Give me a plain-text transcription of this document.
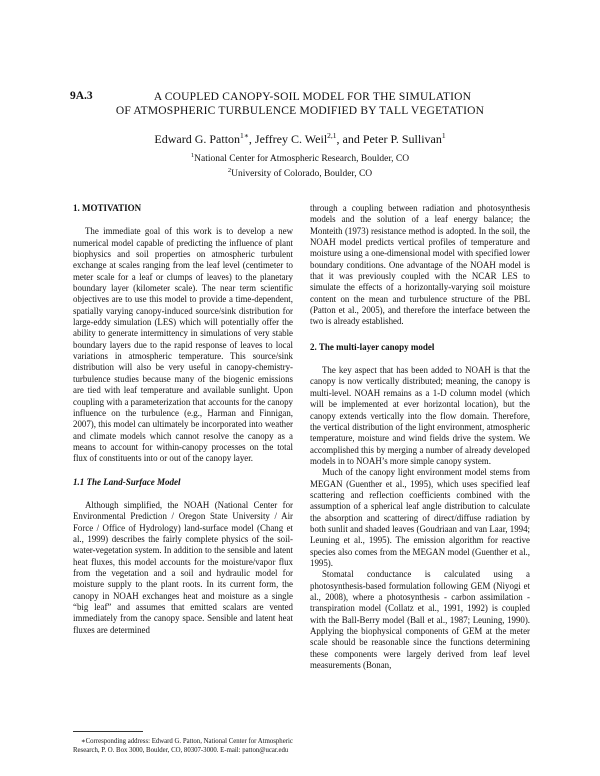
9A.3	A COUPLED CANOPY-SOIL MODEL FOR THE SIMULATION
OF ATMOSPHERIC TURBULENCE MODIFIED BY TALL VEGETATION
Edward G. Patton$^{1∗}$, Jeffrey C. Weil$^{2,1}$, and Peter P. Sullivan$^1$
$^1$National Center for Atmospheric Research, Boulder, CO
$^2$University of Colorado, Boulder, CO
1. MOTIVATION

The immediate goal of this work is to develop a new numerical model capable of predicting the influence of plant biophysics and soil properties on atmospheric turbulent exchange at scales ranging from the leaf level (centimeter to meter scale for a leaf or clumps of leaves) to the planetary boundary layer (kilometer scale). The near term scientific objectives are to use this model to provide a time-dependent, spatially varying canopy-induced source/sink distribution for large-eddy simulation (LES) which will potentially offer the ability to generate intermittency in simulations of very stable boundary layers due to the rapid response of leaves to local variations in atmospheric temperature. This source/sink distribution will also be very useful in canopy-chemistry-turbulence studies because many of the biogenic emissions are tied with leaf temperature and available sunlight. Upon coupling with a parameterization that accounts for the canopy influence on the turbulence (e.g., Harman and Finnigan, 2007), this model can ultimately be incorporated into weather and climate models which cannot resolve the canopy as a means to account for within-canopy processes on the total flux of constituents into or out of the canopy layer.

1.1 The Land-Surface Model

Although simplified, the NOAH (National Center for Environmental Prediction / Oregon State University / Air Force / Office of Hydrology) land-surface model (Chang et al., 1999) describes the fairly complete physics of the soil-water-vegetation system. In addition to the sensible and latent heat fluxes, this model accounts for the moisture/vapor flux from the vegetation and a soil and hydraulic model for moisture supply to the plant roots. In its current form, the canopy in NOAH exchanges heat and moisture as a single “big leaf” and assumes that emitted scalars are vented immediately from the canopy space. Sensible and latent heat fluxes are determined

through a coupling between radiation and photosynthesis models and the solution of a leaf energy balance; the Monteith (1973) resistance method is adopted. In the soil, the NOAH model predicts vertical profiles of temperature and moisture using a one-dimensional model with specified lower boundary conditions. One advantage of the NOAH model is that it was previously coupled with the NCAR LES to simulate the effects of a horizontally-varying soil moisture content on the mean and turbulence structure of the PBL (Patton et al., 2005), and therefore the interface between the two is already established.

2. The multi-layer canopy model

The key aspect that has been added to NOAH is that the canopy is now vertically distributed; meaning, the canopy is multi-level. NOAH remains as a 1-D column model (which will be implemented at ever horizontal location), but the canopy extends vertically into the flow domain. Therefore, the vertical distribution of the light environment, atmospheric temperature, moisture and wind fields drive the system. We accomplished this by merging a number of already developed models in to NOAH’s more simple canopy system.

Much of the canopy light environment model stems from MEGAN (Guenther et al., 1995), which uses specified leaf scattering and reflection coefficients combined with the assumption of a spherical leaf angle distribution to calculate the absorption and scattering of direct/diffuse radiation by both sunlit and shaded leaves (Goudriaan and van Laar, 1994; Leuning et al., 1995). The emission algorithm for reactive species also comes from the MEGAN model (Guenther et al., 1995).

Stomatal conductance is calculated using a photosynthesis-based formulation following GEM (Niyogi et al., 2008), where a photosynthesis - carbon assimilation - transpiration model (Collatz et al., 1991, 1992) is coupled with the Ball-Berry model (Ball et al., 1987; Leuning, 1990). Applying the biophysical components of GEM at the meter scale should be reasonable since the functions determining these components were largely derived from leaf level measurements (Bonan,

∗Corresponding address: Edward G. Patton, National Center for Atmospheric Research, P. O. Box 3000, Boulder, CO, 80307-3000. E-mail: patton@ucar.edu
